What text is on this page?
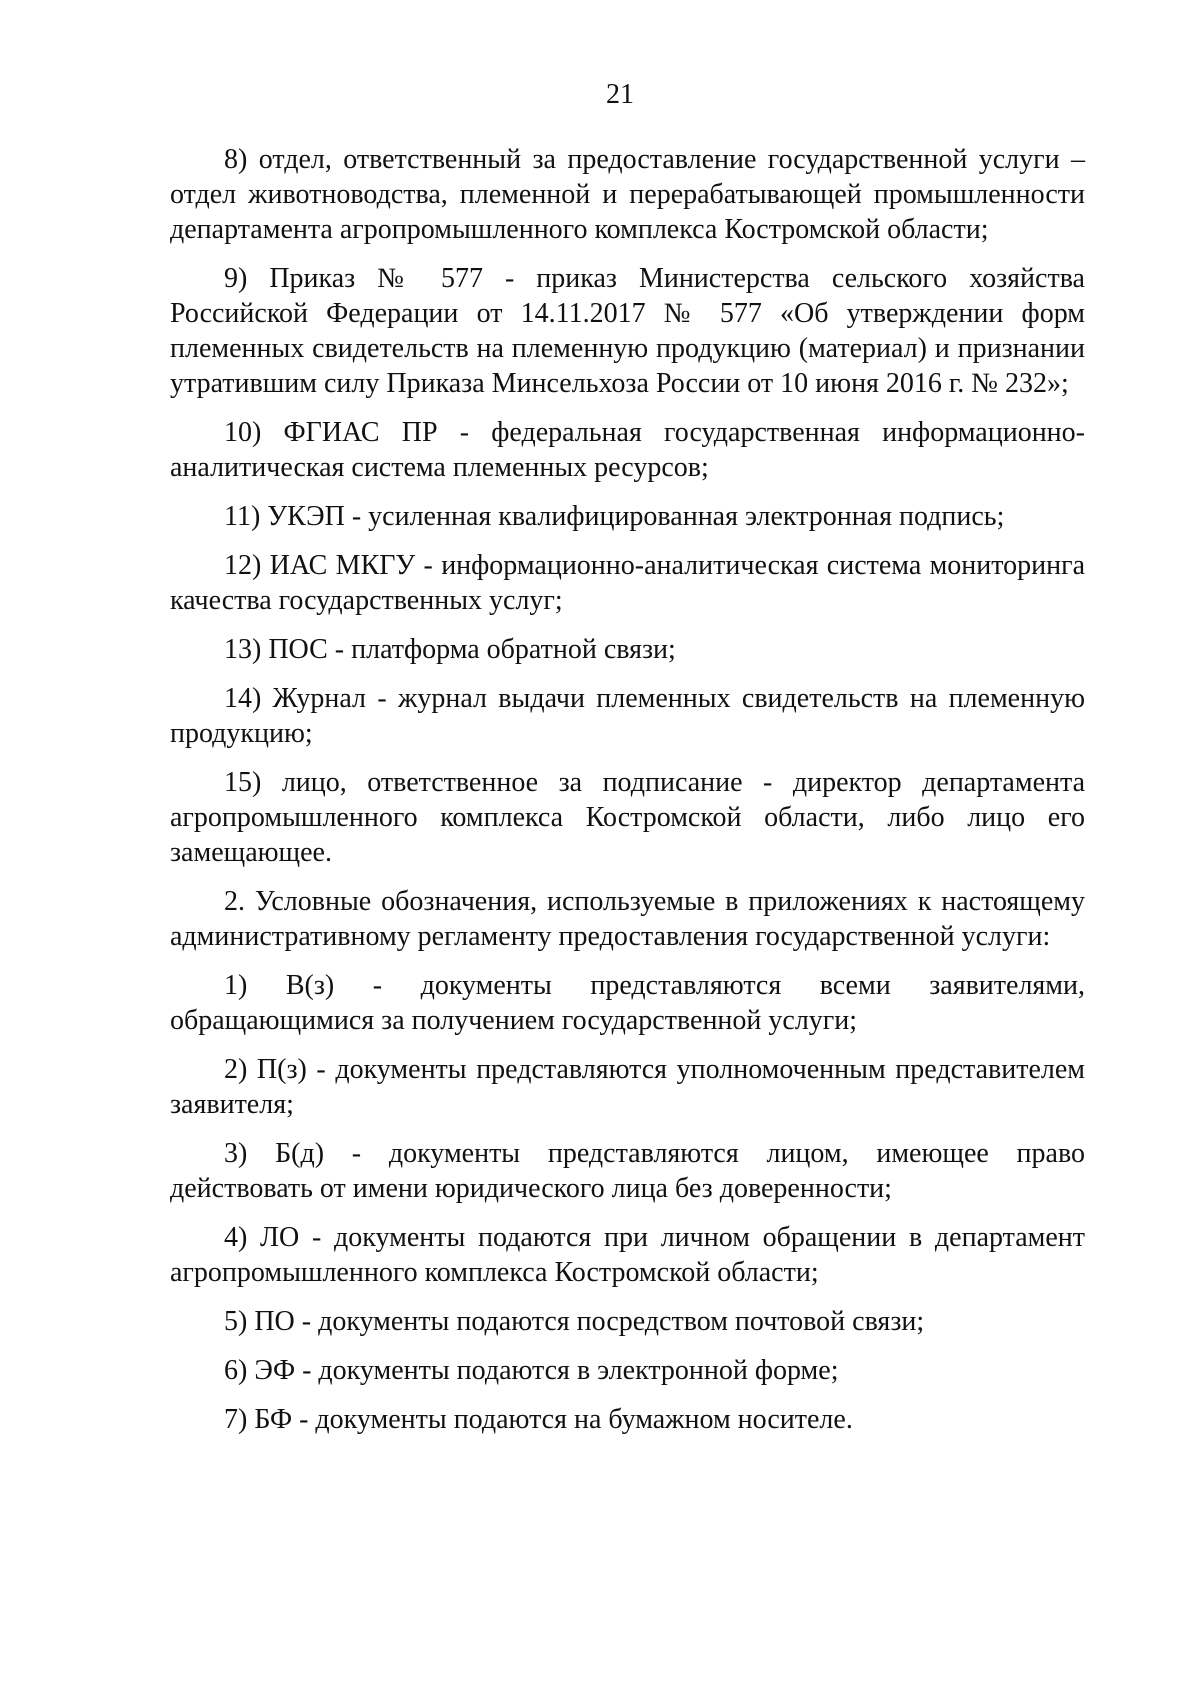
21

8) отдел, ответственный за предоставление государственной услуги – отдел животноводства, племенной и перерабатывающей промышленности департамента агропромышленного комплекса Костромской области;

9) Приказ № 577 - приказ Министерства сельского хозяйства Российской Федерации от 14.11.2017 № 577 «Об утверждении форм племенных свидетельств на племенную продукцию (материал) и признании утратившим силу Приказа Минсельхоза России от 10 июня 2016 г. № 232»;

10) ФГИАС ПР - федеральная государственная информационно-аналитическая система племенных ресурсов;

11) УКЭП - усиленная квалифицированная электронная подпись;

12) ИАС МКГУ - информационно-аналитическая система мониторинга качества государственных услуг;

13) ПОС - платформа обратной связи;

14) Журнал - журнал выдачи племенных свидетельств на племенную продукцию;

15) лицо, ответственное за подписание - директор департамента агропромышленного комплекса Костромской области, либо лицо его замещающее.

2. Условные обозначения, используемые в приложениях к настоящему административному регламенту предоставления государственной услуги:

1) В(з) - документы представляются всеми заявителями, обращающимися за получением государственной услуги;

2) П(з) - документы представляются уполномоченным представителем заявителя;

3) Б(д) - документы представляются лицом, имеющее право действовать от имени юридического лица без доверенности;

4) ЛО - документы подаются при личном обращении в департамент агропромышленного комплекса Костромской области;

5) ПО - документы подаются посредством почтовой связи;

6) ЭФ - документы подаются в электронной форме;

7) БФ - документы подаются на бумажном носителе.
